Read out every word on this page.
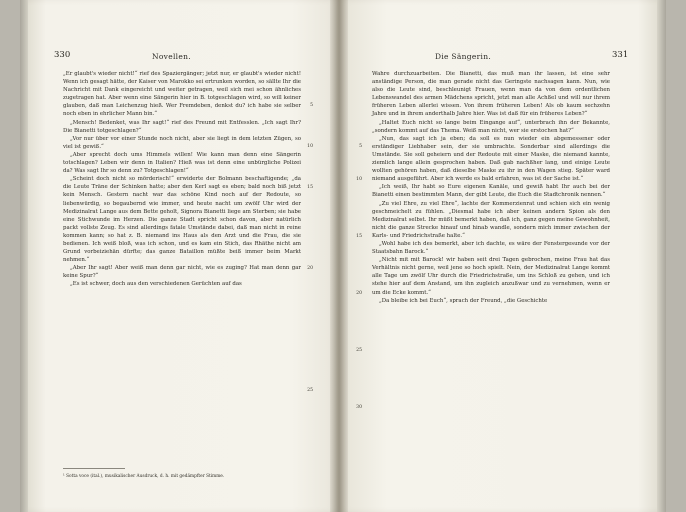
330	Novellen.	Die Sängerin.	331

„Er glaubt's wieder nicht!“ rief des Spaziergänger; jetzt nur, er glaubt's wieder nicht! Wenn ich gesagt hätte, der Kaiser von Marokko sei ertrunken worden, so sällte Ihr die Nachricht mit Dank eingereicht und weiter getragen, weil sich mei schon ähnliches zugetragen hat. Aber wenn eine Sängerin hier in B. totgeschlagen wird, so will keiner glauben, daß man Leichenzug hieß. Wer Fremdeben, denkst du? ich habe sie selber noch eben in ehrlicher Mann bin.“

„Mensch! Bedenket, was Ihr sagt!“ rief des Freund mit Entfesslen. „Ich sagt Ihr? Die Bianetti totgeschlagen?“

„Vor nur über vor einer Stunde noch nicht, aber sie liegt in dem letzten Zügen, so viel ist gewiß.“

„Aber sprecht doch ums Himmels willen! Wie kann man denn eine Sängerin totschlagen? Leben wir denn in Italien? Hieß was ist denn eine unbürgliche Polizei da? Was sagt Ihr so denn zu? Totgeschlagen!“

„Scheint doch nicht so mörderisch!“ erwiderte der Bolmann beschaftigende; „da die Leute Träne der Schinken hatte; aber den Kerl sagt es eben; bald noch biß jetzt kein Mensch. Gestern nacht war das schöne Kind noch auf der Redoute, so liebenwürdig, so begaubernd wie immer, und heute nacht um zwölf Uhr wird der Medizinalrat Lange aus dem Bette geholt, Signora Bianetti liege am Sterben; sie habe eine Stichwunde im Herzen. Die ganze Stadt spricht schon davon, aber natürlich packt vollste Zeug. Es sind allerdings fatale Umstände dabei, daß man nicht in reine kommen kann; so hat z. B. niemand ins Haus als den Arzt und die Frau, die sie bedienen. Ich weiß bloß, was ich schon, und es kam ein Stich, das Rhäthe nicht am Grund vorbeiziehän dürfte; das ganze Bataillon müßte beiß immer beim Markt nehmen.“

„Aber Ihr sagt! Aber weiß man denn gar nicht, wie es zuging? Hat man denn gar keine Spur?“

„Es ist schwer, doch aus den verschiedenen Gerüchten auf das

5
10
15
20
25
¹ Sotta voce (ital.), musikalischer Ausdruck, d. h. mit gedämpfter Stimme.

Wahre durchzuarbeiten. Die Bianetti, das muß man ihr lassen, ist eine sehr anständige Person, die man gerade nicht das Geringste nachsagen kann. Nun, wie also die Leute sind, beschleunigt Frauen, wenn man da von dem ordentlichen Lebenswandel des armen Mädchens spricht, jetzt man alle Achßel und will nur ihrem früheren Leben allerlei wissen. Von ihrem früheren Leben! Als ob kaum sechzehn Jahre und in ihrem anderthalb Jahre hier. Was ist daß für ein früheres Leben?“

„Haltet Euch nicht so lange beim Eingange auf“, unterbrach ihn der Bekannte, „sondern kommt auf das Thema. Weiß man nicht, wer sie erstochen hat?“

„Nun, das sagt ich ja eben; da soll es nun wieder ein abgemessener oder erständiger Liebhaber sein, der sie umbrachte. Sonderbar sind allerdings die Umstände. Sie soll geheiern und der Redoute mit einer Maske, die niemand kannte, ziemlich lange allein gesprochen haben. Daß gab nachßher lang, und einige Leute wollten gehören haben, daß dieselbe Maske zu ihr in den Wagen stieg. Später ward niemand ausgeführt. Aber ich werde es bald erfahren, was ist der Sache ist.“

„Ich weiß, Ihr habt so Eure eigenen Kanäle, und gewiß habt Ihr auch bei der Bianetti einen bestimmten Mann, der gibt Leute, die Euch die Stadtchronik nennen.“

„Zu viel Ehre, zu viel Ehre“, lachte der Kommerzienrat und schien sich ein wenig geschmeichelt zu fühlen. „Diesmal habe ich aber keinen andern Spion als den Medizinalrat selbst. Ihr müßt bemerkt haben, daß ich, ganz gegen meine Gewohnheit, nicht die ganze Strecke hinauf und hinab wandle, sondern mich immer zwischen der Karls- und Friedrichstraße halte.“

„Wohl habe ich des bemerkt, aber ich dachte, es wäre der Fenstergesunde vor der Staatsbahn Barock.“

„Nicht mit mit Barock! wir haben seit drei Tagen gebrochen, meine Frau hat das Verhältnis nicht gerne, weil jene so hoch spielt. Nein, der Medizinalrat Lange kommt alle Tage um zwölf Uhr durch die Friedrichstraße, um ins Schloß zu gehen, und ich stehe hier auf dem Anstand, um ihn zugleich anzußwar und zu vernehmen, wenn er um die Ecke kommt.“

„Da bleibe ich bei Euch“, sprach der Freund, „die Geschichte

5
10
15
20
25
30
